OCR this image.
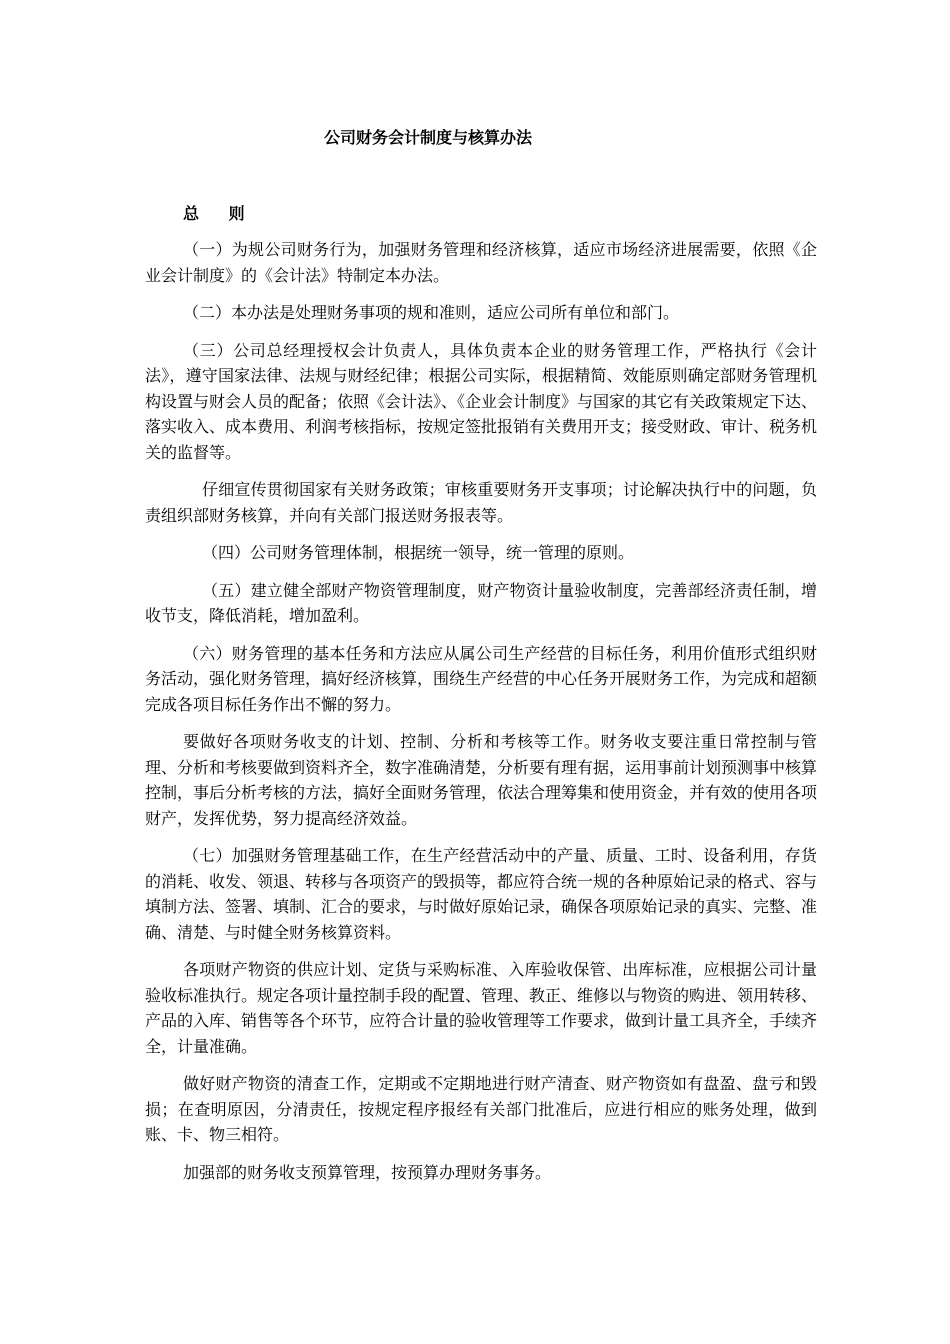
公司财务会计制度与核算办法
总 则

（一）为规公司财务行为，加强财务管理和经济核算，适应市场经济进展需要，依照《企业会计制度》的《会计法》特制定本办法。

（二）本办法是处理财务事项的规和准则，适应公司所有单位和部门。

（三）公司总经理授权会计负责人，具体负责本企业的财务管理工作，严格执行《会计法》，遵守国家法律、法规与财经纪律；根据公司实际，根据精简、效能原则确定部财务管理机构设置与财会人员的配备；依照《会计法》、《企业会计制度》与国家的其它有关政策规定下达、落实收入、成本费用、利润考核指标，按规定签批报销有关费用开支；接受财政、审计、税务机关的监督等。

仔细宣传贯彻国家有关财务政策；审核重要财务开支事项；讨论解决执行中的问题，负责组织部财务核算，并向有关部门报送财务报表等。

（四）公司财务管理体制，根据统一领导，统一管理的原则。

（五）建立健全部财产物资管理制度，财产物资计量验收制度，完善部经济责任制，增收节支，降低消耗，增加盈利。

（六）财务管理的基本任务和方法应从属公司生产经营的目标任务，利用价值形式组织财务活动，强化财务管理，搞好经济核算，围绕生产经营的中心任务开展财务工作，为完成和超额完成各项目标任务作出不懈的努力。

要做好各项财务收支的计划、控制、分析和考核等工作。财务收支要注重日常控制与管理、分析和考核要做到资料齐全，数字准确清楚，分析要有理有据，运用事前计划预测事中核算控制，事后分析考核的方法，搞好全面财务管理，依法合理筹集和使用资金，并有效的使用各项财产，发挥优势，努力提高经济效益。

（七）加强财务管理基础工作，在生产经营活动中的产量、质量、工时、设备利用，存货的消耗、收发、领退、转移与各项资产的毁损等，都应符合统一规的各种原始记录的格式、容与填制方法、签署、填制、汇合的要求，与时做好原始记录，确保各项原始记录的真实、完整、准确、清楚、与时健全财务核算资料。

各项财产物资的供应计划、定货与采购标准、入库验收保管、出库标准，应根据公司计量验收标准执行。规定各项计量控制手段的配置、管理、教正、维修以与物资的购进、领用转移、产品的入库、销售等各个环节，应符合计量的验收管理等工作要求，做到计量工具齐全，手续齐全，计量准确。

做好财产物资的清查工作，定期或不定期地进行财产清查、财产物资如有盘盈、盘亏和毁损；在查明原因，分清责任，按规定程序报经有关部门批准后，应进行相应的账务处理，做到账、卡、物三相符。

加强部的财务收支预算管理，按预算办理财务事务。
